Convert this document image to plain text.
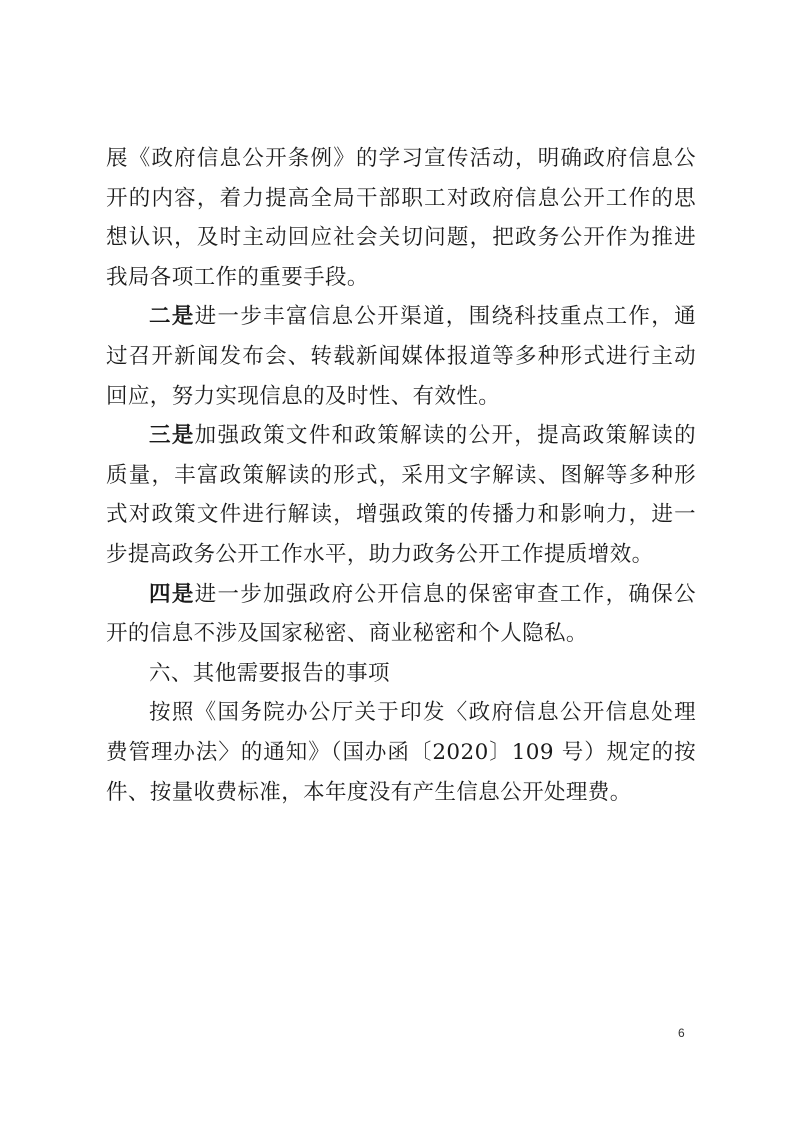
展《政府信息公开条例》的学习宣传活动，明确政府信息公开的内容，着力提高全局干部职工对政府信息公开工作的思想认识，及时主动回应社会关切问题，把政务公开作为推进我局各项工作的重要手段。

二是进一步丰富信息公开渠道，围绕科技重点工作，通过召开新闻发布会、转载新闻媒体报道等多种形式进行主动回应，努力实现信息的及时性、有效性。

三是加强政策文件和政策解读的公开，提高政策解读的质量，丰富政策解读的形式，采用文字解读、图解等多种形式对政策文件进行解读，增强政策的传播力和影响力，进一步提高政务公开工作水平，助力政务公开工作提质增效。

四是进一步加强政府公开信息的保密审查工作，确保公开的信息不涉及国家秘密、商业秘密和个人隐私。

六、其他需要报告的事项

按照《国务院办公厅关于印发〈政府信息公开信息处理费管理办法〉的通知》（国办函〔2020〕109 号）规定的按件、按量收费标准，本年度没有产生信息公开处理费。

6
